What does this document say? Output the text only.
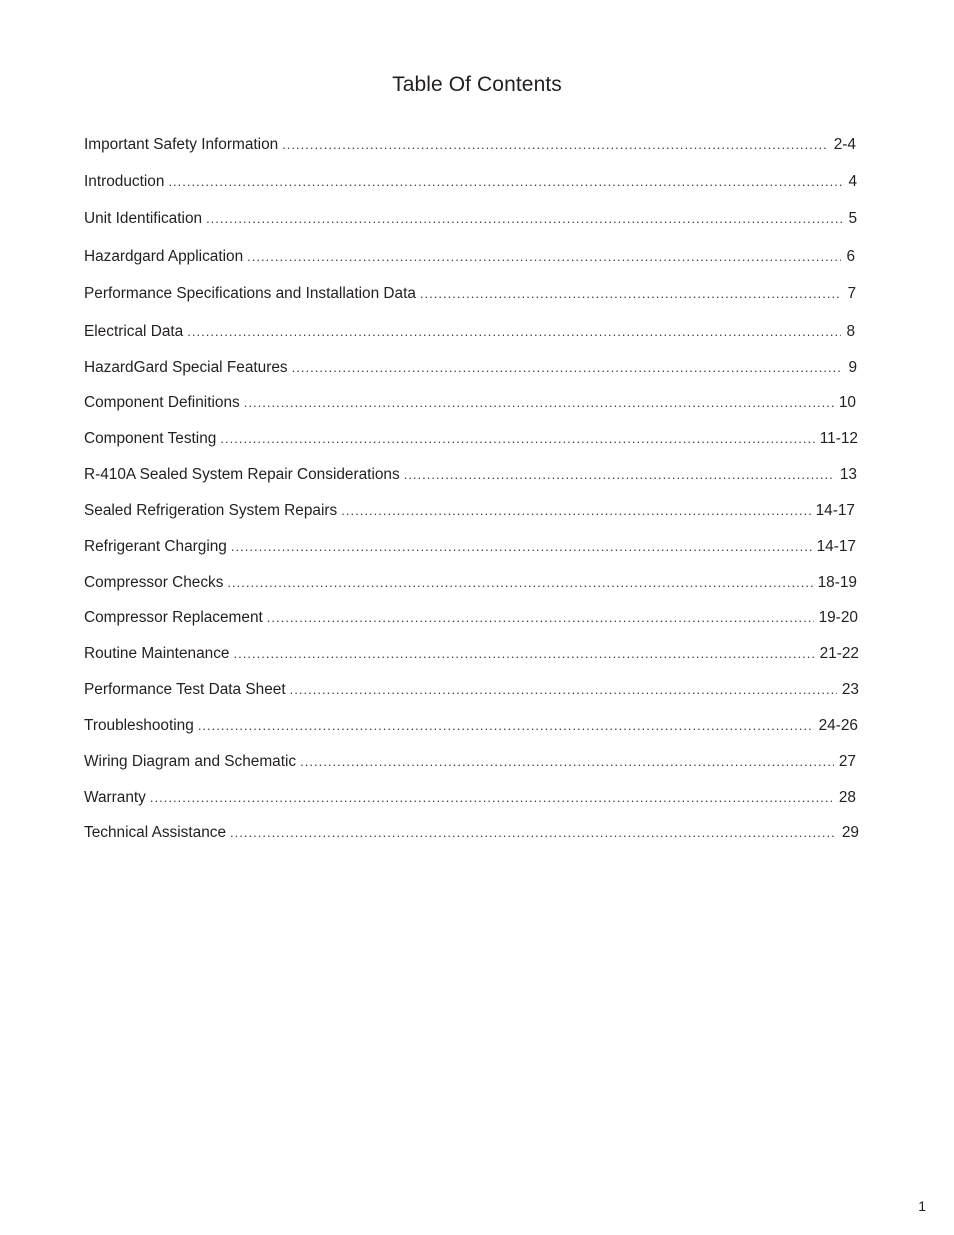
Table Of Contents
Important Safety Information . . .	2-4
Introduction . . .	4
Unit Identification . . .	5
Hazardgard Application . . .	6
Performance Specifications and Installation Data . . .	7
Electrical Data . . .	8
HazardGard Special Features . . .	9
Component Definitions . . .	10
Component Testing . . .	11-12
R-410A Sealed System Repair Considerations . . .	13
Sealed Refrigeration System Repairs . . .	14-17
Refrigerant Charging . . .	14-17
Compressor Checks . . .	18-19
Compressor Replacement . . .	19-20
Routine Maintenance . . .	21-22
Performance Test Data Sheet . . .	23
Troubleshooting . . .	24-26
Wiring Diagram and Schematic . . .	27
Warranty . . .	28
Technical Assistance . . .	29
1
